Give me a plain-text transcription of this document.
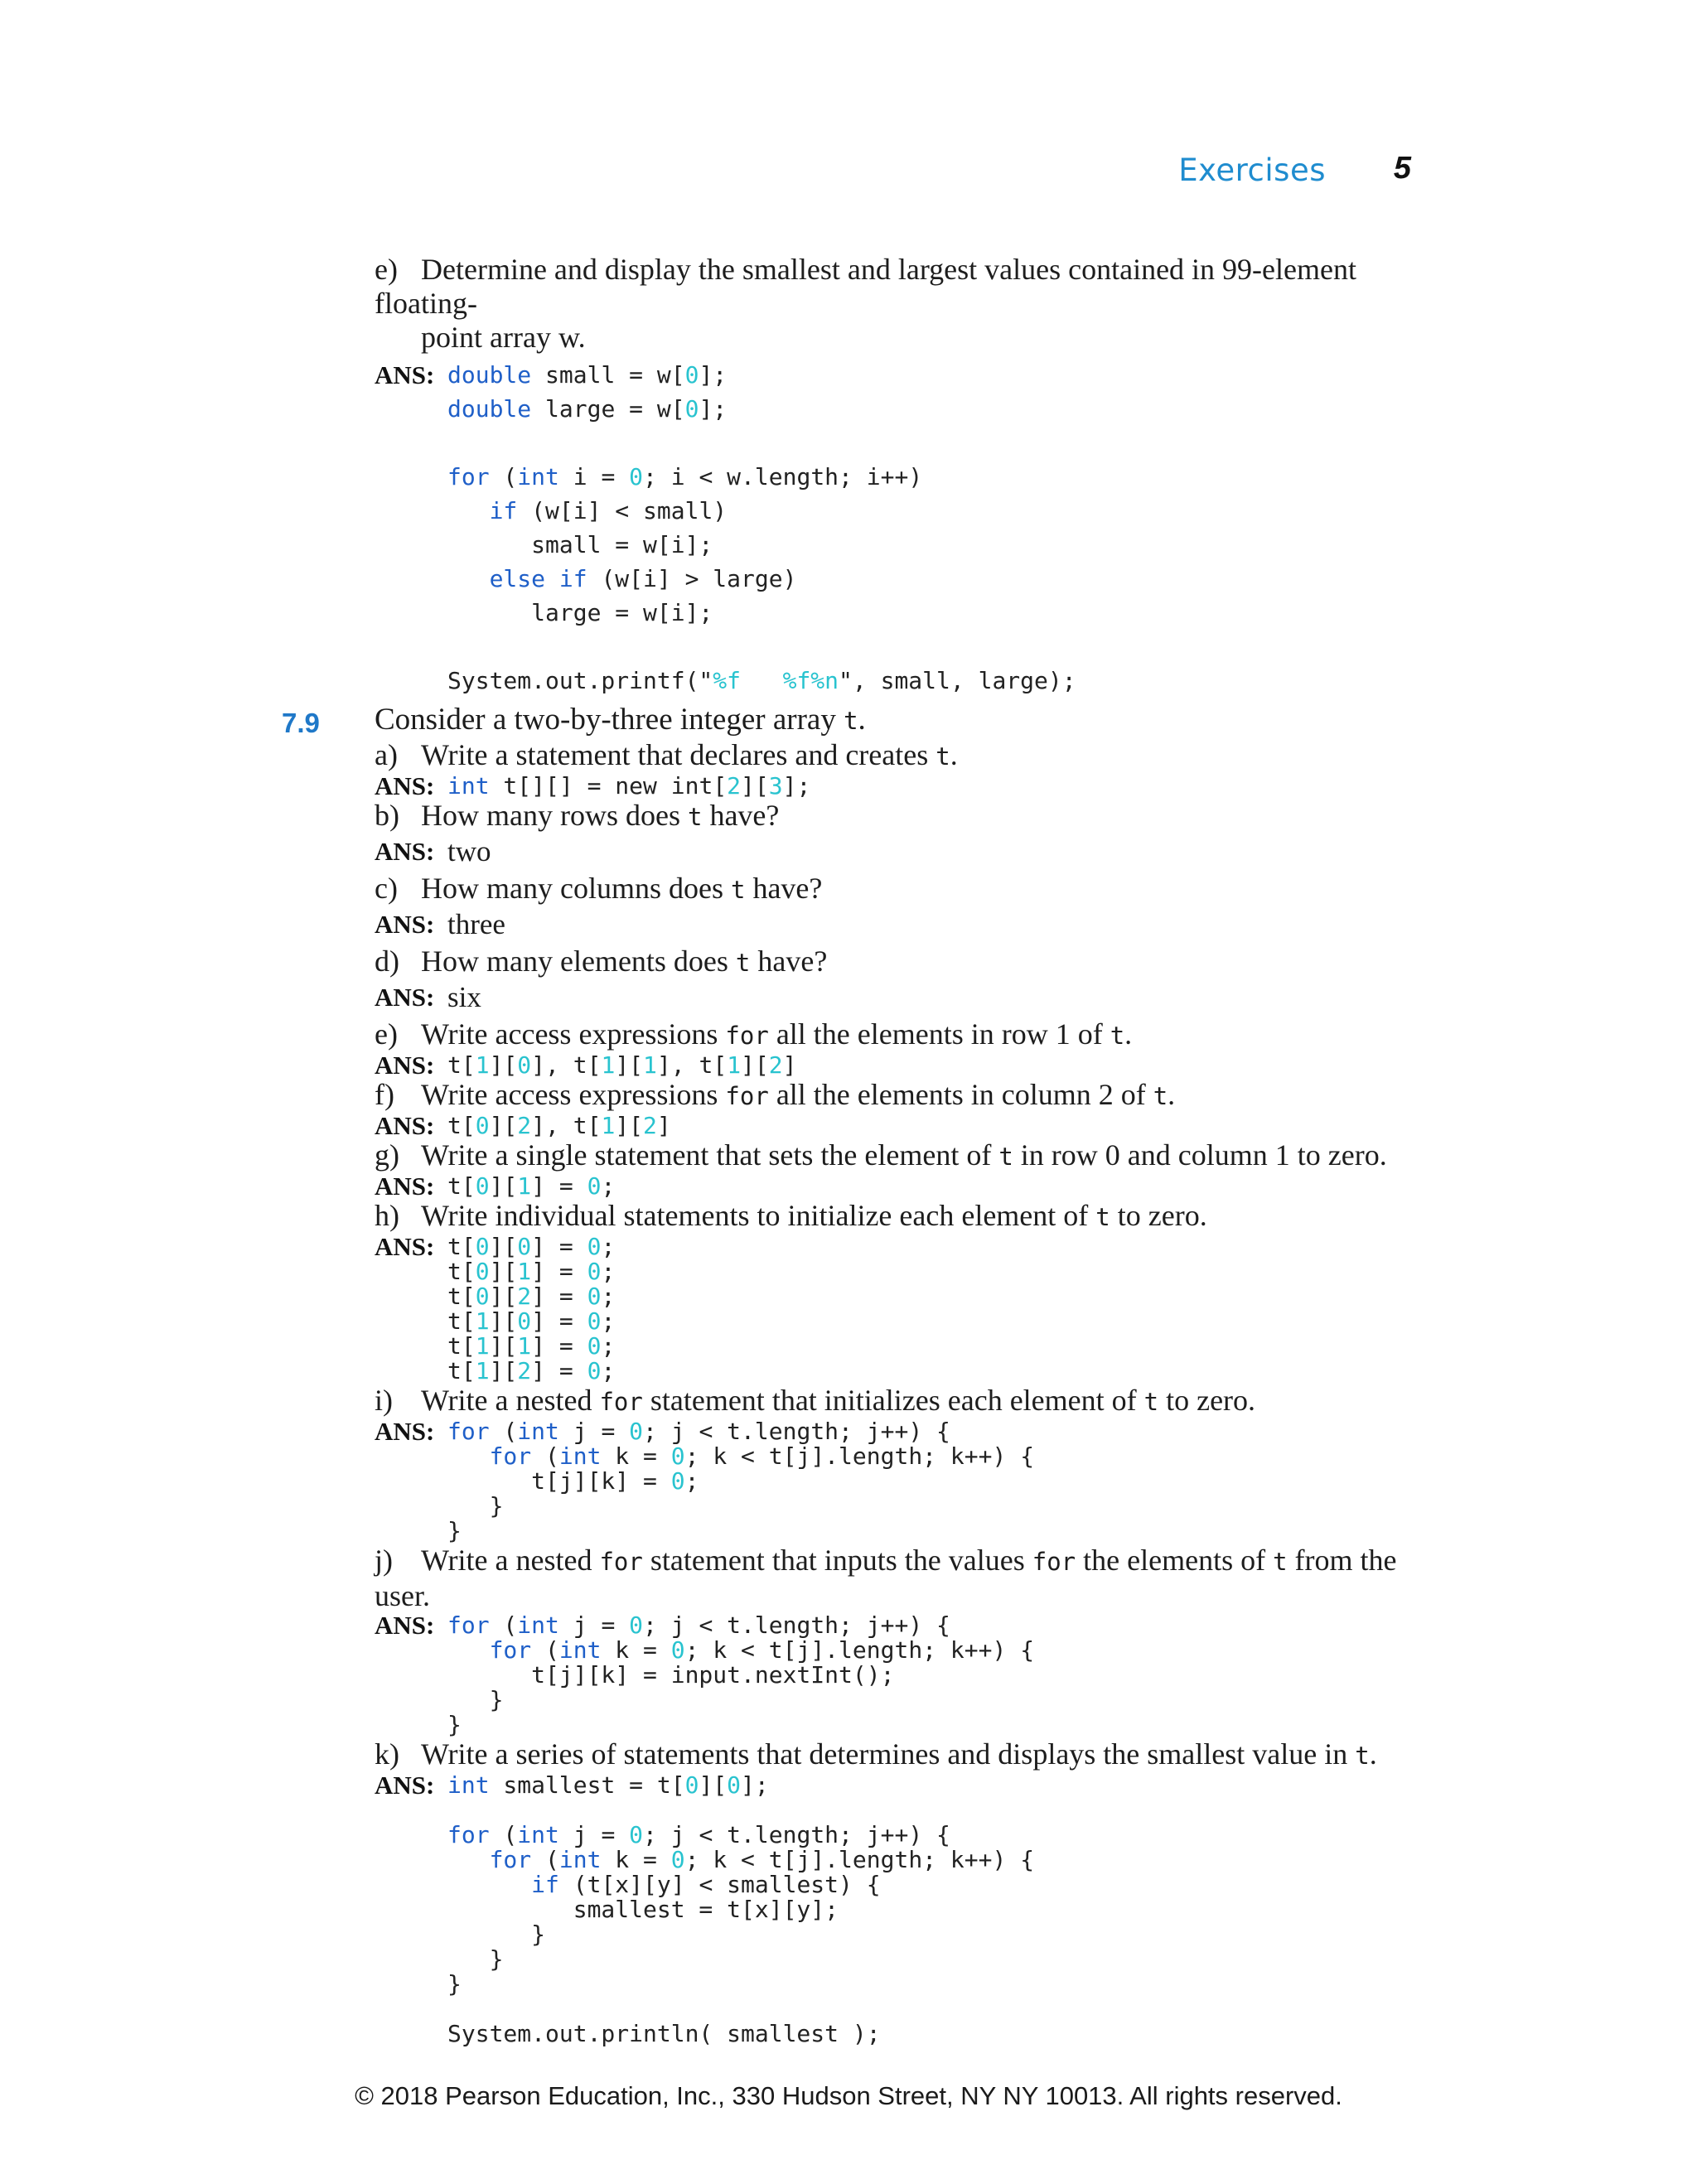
Exercises 5

e) Determine and display the smallest and largest values contained in 99-element floating-
point array w.

ANS: double small = w[0];
double large = w[0];

for (int i = 0; i < w.length; i++)
if (w[i] < small)
small = w[i];
else if (w[i] > large)
large = w[i];

System.out.printf("%f   %f%n", small, large);

Consider a two-by-three integer array t.

a) Write a statement that declares and creates t.

ANS: int t[][] = new int[2][3];

b) How many rows does t have?

ANS: two

c) How many columns does t have?

ANS: three

d) How many elements does t have?

ANS: six

e) Write access expressions for all the elements in row 1 of t.

ANS: t[1][0], t[1][1], t[1][2]

f) Write access expressions for all the elements in column 2 of t.

ANS: t[0][2], t[1][2]

g) Write a single statement that sets the element of t in row 0 and column 1 to zero.

ANS: t[0][1] = 0;

h) Write individual statements to initialize each element of t to zero.

ANS: t[0][0] = 0;
t[0][1] = 0;
t[0][2] = 0;
t[1][0] = 0;
t[1][1] = 0;
t[1][2] = 0;

i) Write a nested for statement that initializes each element of t to zero.

ANS: for (int j = 0; j < t.length; j++) {
for (int k = 0; k < t[j].length; k++) {
t[j][k] = 0;
}
}

j) Write a nested for statement that inputs the values for the elements of t from the user.

ANS: for (int j = 0; j < t.length; j++) {
for (int k = 0; k < t[j].length; k++) {
t[j][k] = input.nextInt();
}
}

k) Write a series of statements that determines and displays the smallest value in t.

ANS: int smallest = t[0][0];

for (int j = 0; j < t.length; j++) {
for (int k = 0; k < t[j].length; k++) {
if (t[x][y] < smallest) {
smallest = t[x][y];
}
}
}

System.out.println( smallest );
7.9
© 2018 Pearson Education, Inc., 330 Hudson Street, NY NY 10013. All rights reserved.
